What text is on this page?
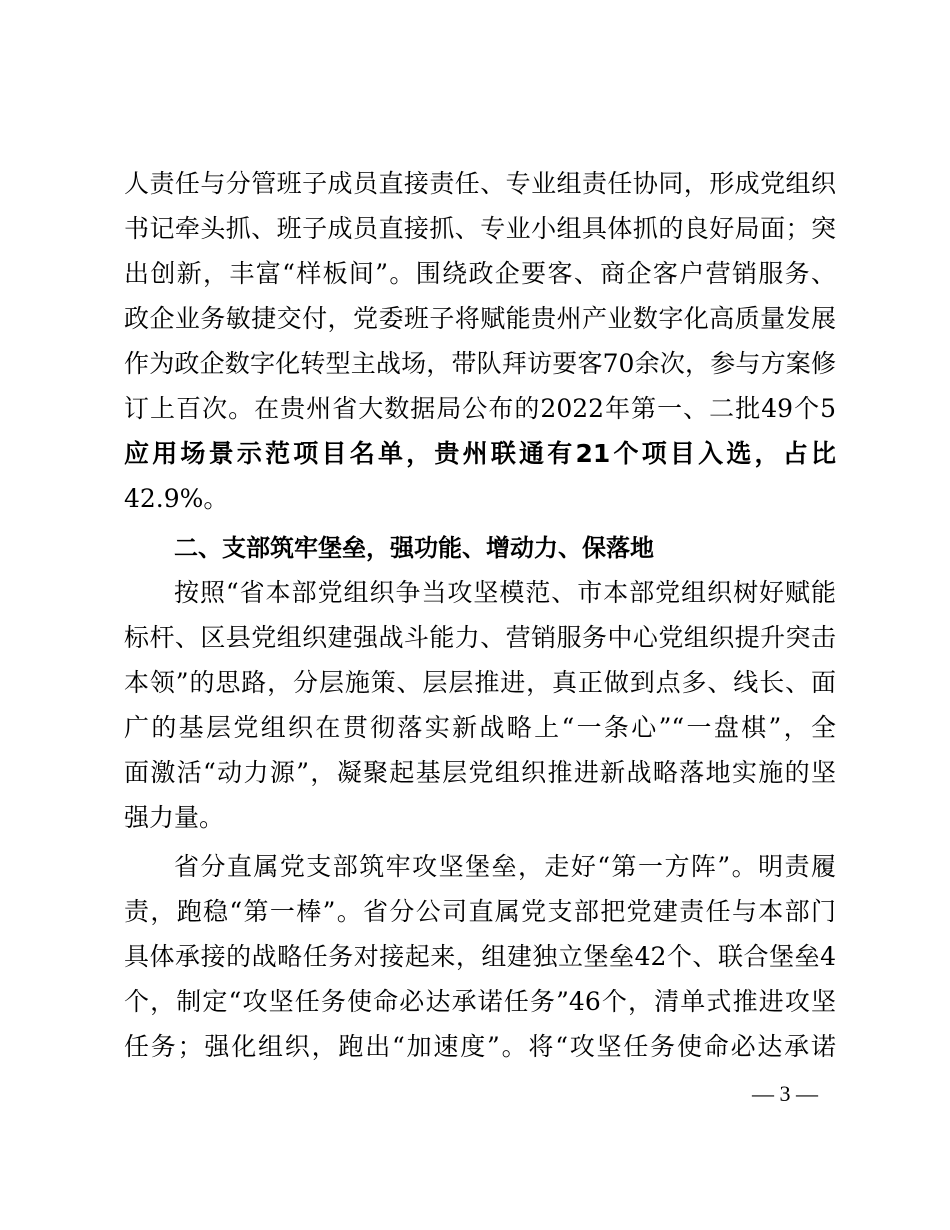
人责任与分管班子成员直接责任、专业组责任协同，形成党组织
书记牵头抓、班子成员直接抓、专业小组具体抓的良好局面；突
出创新，丰富“样板间”。围绕政企要客、商企客户营销服务、
政企业务敏捷交付，党委班子将赋能贵州产业数字化高质量发展
作为政企数字化转型主战场，带队拜访要客70余次，参与方案修
订上百次。在贵州省大数据局公布的2022年第一、二批49个5
应用场景示范项目名单，贵州联通有21个项目入选，占比
42.9%。
二、支部筑牢堡垒，强功能、增动力、保落地
按照“省本部党组织争当攻坚模范、市本部党组织树好赋能
标杆、区县党组织建强战斗能力、营销服务中心党组织提升突击
本领”的思路，分层施策、层层推进，真正做到点多、线长、面
广的基层党组织在贯彻落实新战略上“一条心”“一盘棋”，全
面激活“动力源”，凝聚起基层党组织推进新战略落地实施的坚
强力量。
省分直属党支部筑牢攻坚堡垒，走好“第一方阵”。明责履
责，跑稳“第一棒”。省分公司直属党支部把党建责任与本部门
具体承接的战略任务对接起来，组建独立堡垒42个、联合堡垒4
个，制定“攻坚任务使命必达承诺任务”46个，清单式推进攻坚
任务；强化组织，跑出“加速度”。将“攻坚任务使命必达承诺
— 3 —
